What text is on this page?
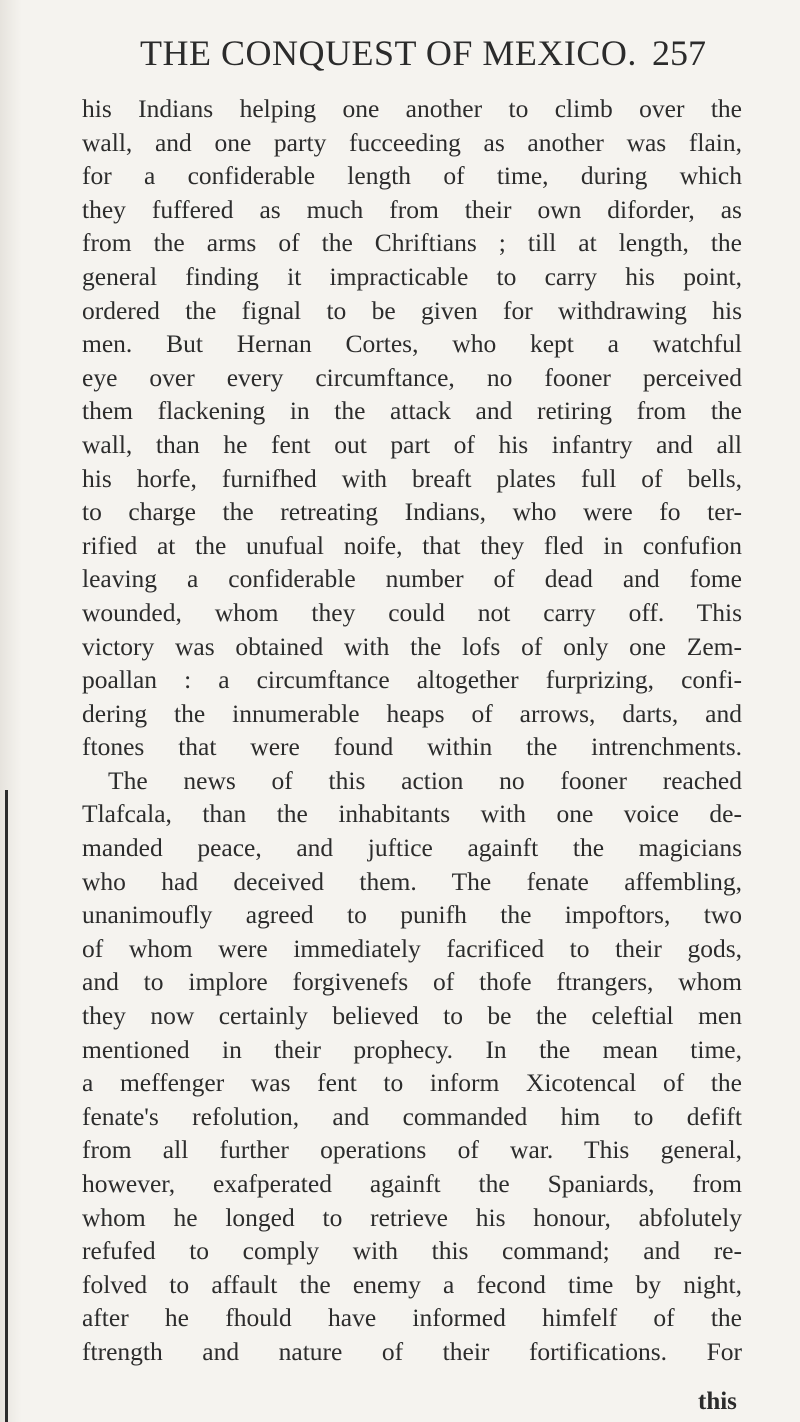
THE CONQUEST OF MEXICO. 257
his Indians helping one another to climb over the
wall, and one party fucceeding as another was flain,
for a confiderable length of time, during which
they fuffered as much from their own diforder, as
from the arms of the Chriftians ; till at length, the
general finding it impracticable to carry his point,
ordered the fignal to be given for withdrawing his
men. But Hernan Cortes, who kept a watchful
eye over every circumftance, no fooner perceived
them flackening in the attack and retiring from the
wall, than he fent out part of his infantry and all
his horfe, furnifhed with breaft plates full of bells,
to charge the retreating Indians, who were fo ter-
rified at the unufual noife, that they fled in confufion
leaving a confiderable number of dead and fome
wounded, whom they could not carry off. This
victory was obtained with the lofs of only one Zem-
poallan : a circumftance altogether furprizing, confi-
dering the innumerable heaps of arrows, darts, and
ftones that were found within the intrenchments.
The news of this action no fooner reached
Tlafcala, than the inhabitants with one voice de-
manded peace, and juftice againft the magicians
who had deceived them. The fenate affembling,
unanimoufly agreed to punifh the impoftors, two
of whom were immediately facrificed to their gods,
and to implore forgivenefs of thofe ftrangers, whom
they now certainly believed to be the celeftial men
mentioned in their prophecy. In the mean time,
a meffenger was fent to inform Xicotencal of the
fenate's refolution, and commanded him to defift
from all further operations of war. This general,
however, exafperated againft the Spaniards, from
whom he longed to retrieve his honour, abfolutely
refufed to comply with this command; and re-
folved to affault the enemy a fecond time by night,
after he fhould have informed himfelf of the
ftrength and nature of their fortifications. For
this
